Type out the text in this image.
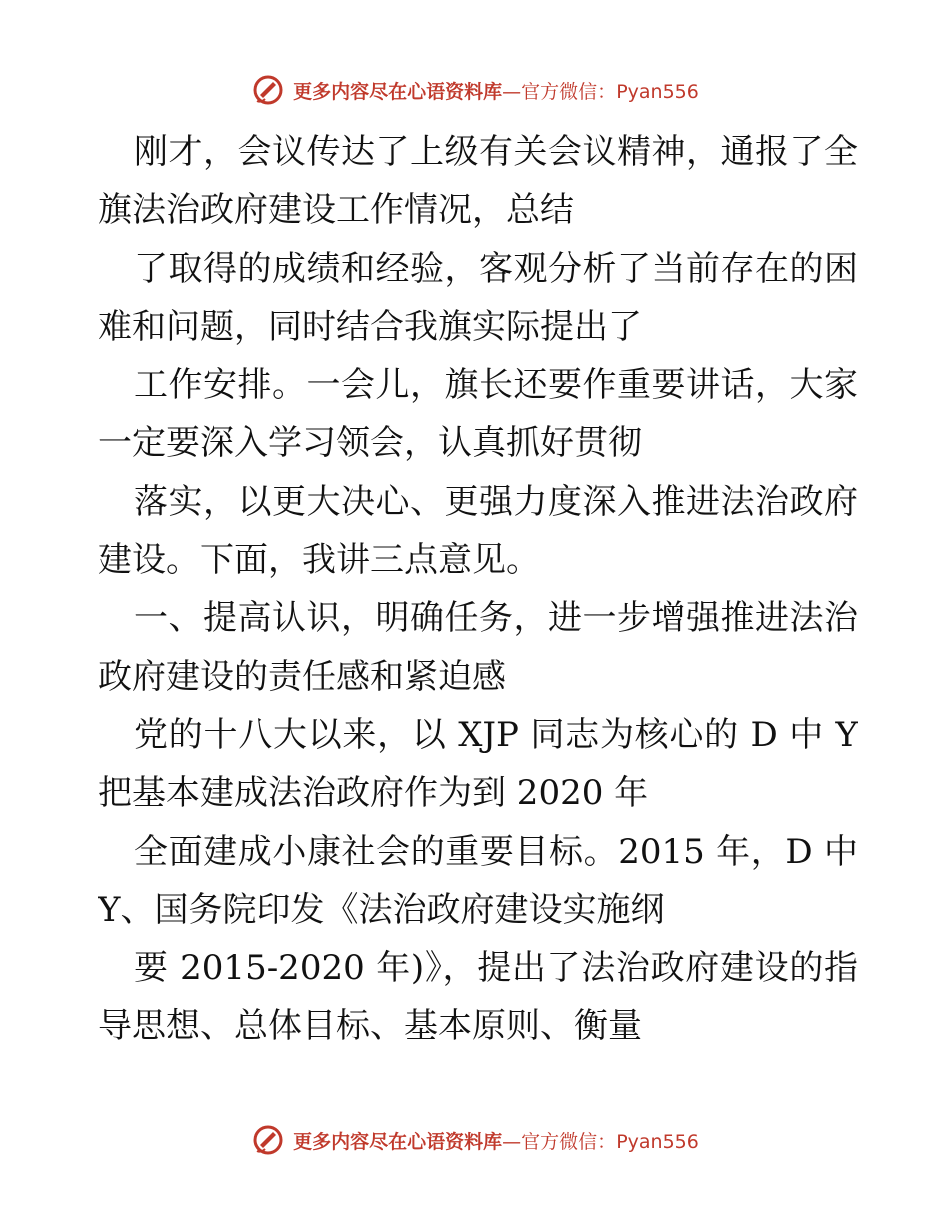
更多内容尽在心语资料库—官方微信：Pyan556
刚才，会议传达了上级有关会议精神，通报了全
旗法治政府建设工作情况，总结
了取得的成绩和经验，客观分析了当前存在的困
难和问题，同时结合我旗实际提出了
工作安排。一会儿，旗长还要作重要讲话，大家
一定要深入学习领会，认真抓好贯彻
落实，以更大决心、更强力度深入推进法治政府
建设。下面，我讲三点意见。
一、提高认识，明确任务，进一步增强推进法治
政府建设的责任感和紧迫感
党的十八大以来，以 XJP 同志为核心的 D 中 Y
把基本建成法治政府作为到 2020 年
全面建成小康社会的重要目标。2015 年，D 中
Y、国务院印发《法治政府建设实施纲
要 2015-2020 年)》，提出了法治政府建设的指
导思想、总体目标、基本原则、衡量
更多内容尽在心语资料库—官方微信：Pyan556
